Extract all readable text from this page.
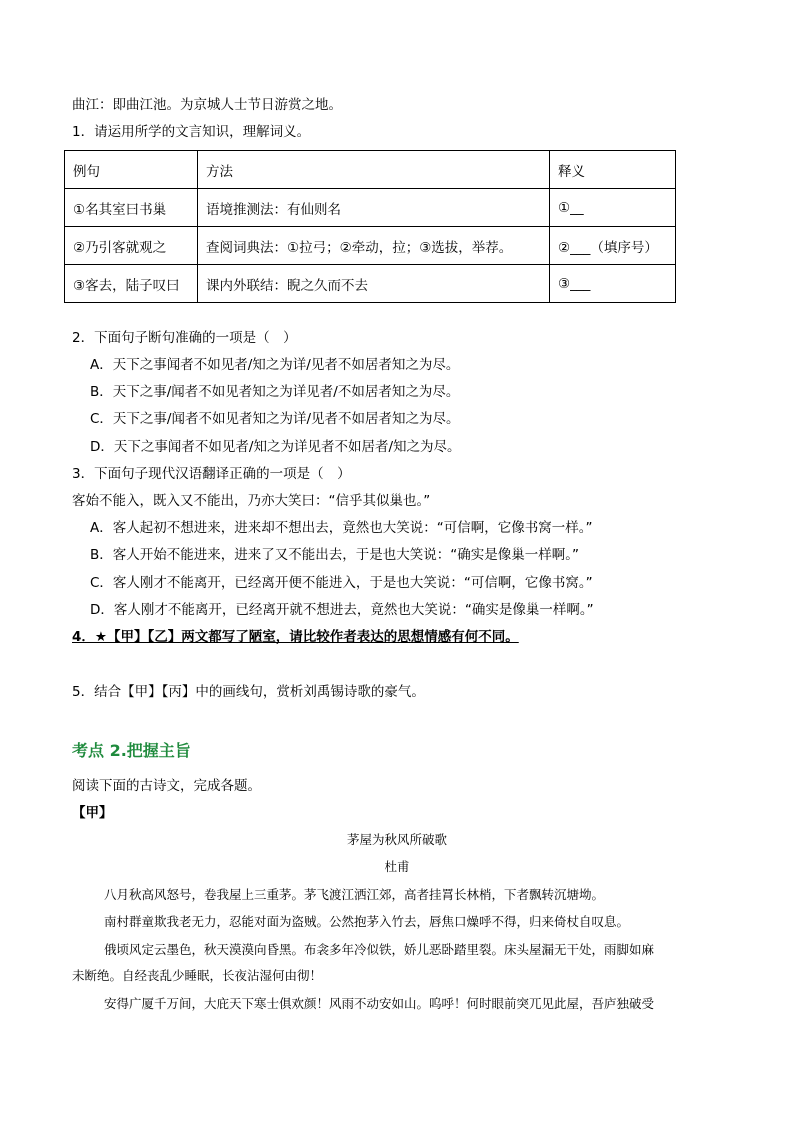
曲江：即曲江池。为京城人士节日游赏之地。
1．请运用所学的文言知识，理解词义。
例句	方法	释义
①名其室曰书巢	语境推测法：有仙则名	①__
②乃引客就观之	查阅词典法：①拉弓；②牵动，拉；③选拔，举荐。	②___（填序号）
③客去，陆子叹曰	课内外联结：睨之久而不去	③___
2．下面句子断句准确的一项是（　）
A．天下之事闻者不如见者/知之为详/见者不如居者知之为尽。
B．天下之事/闻者不如见者知之为详见者/不如居者知之为尽。
C．天下之事/闻者不如见者知之为详/见者不如居者知之为尽。
D．天下之事闻者不如见者/知之为详见者不如居者/知之为尽。
3．下面句子现代汉语翻译正确的一项是（　）
客始不能入，既入又不能出，乃亦大笑曰：“信乎其似巢也。”
A．客人起初不想进来，进来却不想出去，竟然也大笑说：“可信啊，它像书窝一样。”
B．客人开始不能进来，进来了又不能出去，于是也大笑说：“确实是像巢一样啊。”
C．客人刚才不能离开，已经离开便不能进入，于是也大笑说：“可信啊，它像书窝。”
D．客人刚才不能离开，已经离开就不想进去，竟然也大笑说：“确实是像巢一样啊。”
4．★【甲】【乙】两文都写了陋室，请比较作者表达的思想情感有何不同。
5．结合【甲】【丙】中的画线句，赏析刘禹锡诗歌的豪气。
考点 2.把握主旨
阅读下面的古诗文，完成各题。
【甲】
茅屋为秋风所破歌
杜甫
八月秋高风怒号，卷我屋上三重茅。茅飞渡江洒江郊，高者挂罥长林梢，下者飘转沉塘坳。
南村群童欺我老无力，忍能对面为盗贼。公然抱茅入竹去，唇焦口燥呼不得，归来倚杖自叹息。
俄顷风定云墨色，秋天漠漠向昏黑。布衾多年冷似铁，娇儿恶卧踏里裂。床头屋漏无干处，雨脚如麻
未断绝。自经丧乱少睡眠，长夜沾湿何由彻！
安得广厦千万间，大庇天下寒士俱欢颜！风雨不动安如山。呜呼！何时眼前突兀见此屋，吾庐独破受
